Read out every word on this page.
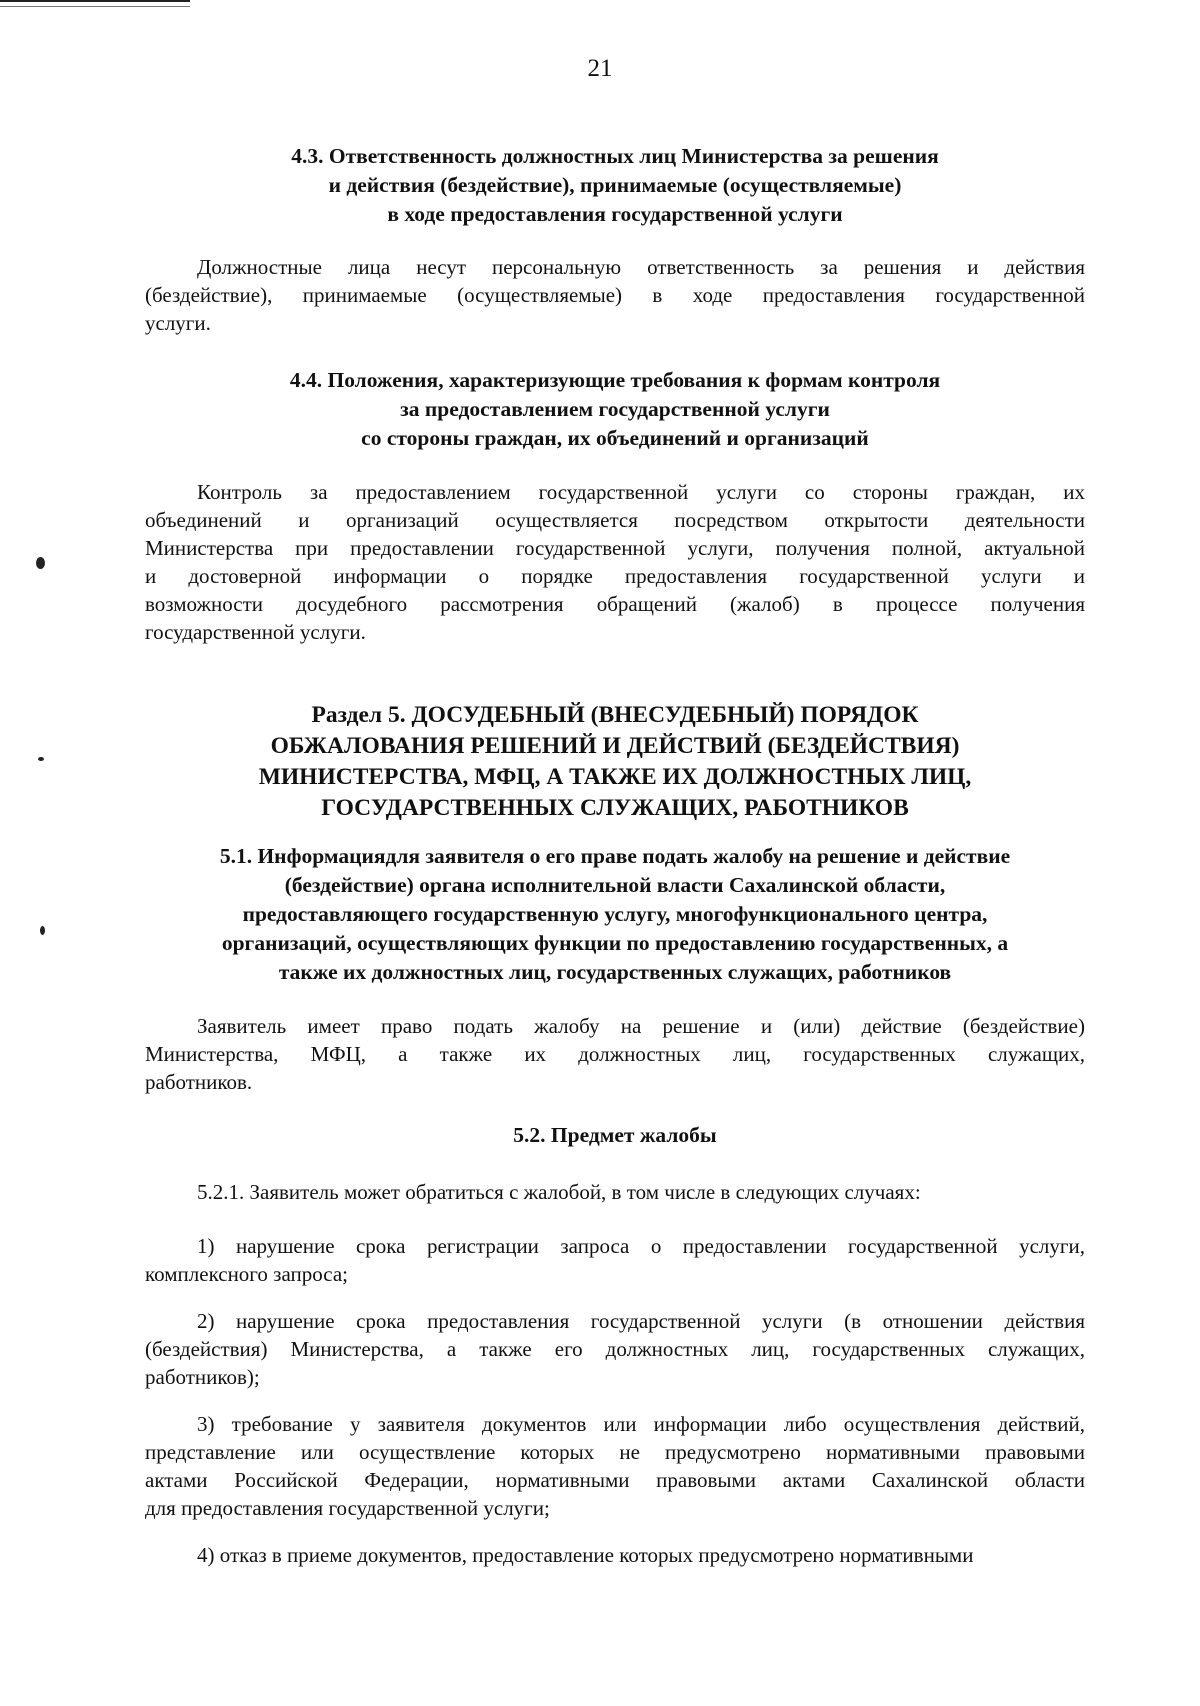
21
4.3. Ответственность должностных лиц Министерства за решения
и действия (бездействие), принимаемые (осуществляемые)
в ходе предоставления государственной услуги
Должностные лица несут персональную ответственность за решения и действия
(бездействие), принимаемые (осуществляемые) в ходе предоставления государственной
услуги.
4.4. Положения, характеризующие требования к формам контроля
за предоставлением государственной услуги
со стороны граждан, их объединений и организаций
Контроль за предоставлением государственной услуги со стороны граждан, их
объединений и организаций осуществляется посредством открытости деятельности
Министерства при предоставлении государственной услуги, получения полной, актуальной
и достоверной информации о порядке предоставления государственной услуги и
возможности досудебного рассмотрения обращений (жалоб) в процессе получения
государственной услуги.
Раздел 5. ДОСУДЕБНЫЙ (ВНЕСУДЕБНЫЙ) ПОРЯДОК
ОБЖАЛОВАНИЯ РЕШЕНИЙ И ДЕЙСТВИЙ (БЕЗДЕЙСТВИЯ)
МИНИСТЕРСТВА, МФЦ, А ТАКЖЕ ИХ ДОЛЖНОСТНЫХ ЛИЦ,
ГОСУДАРСТВЕННЫХ СЛУЖАЩИХ, РАБОТНИКОВ
5.1. Информациядля заявителя о его праве подать жалобу на решение и действие
(бездействие) органа исполнительной власти Сахалинской области,
предоставляющего государственную услугу, многофункционального центра,
организаций, осуществляющих функции по предоставлению государственных, а
также их должностных лиц, государственных служащих, работников
Заявитель имеет право подать жалобу на решение и (или) действие (бездействие)
Министерства, МФЦ, а также их должностных лиц, государственных служащих,
работников.
5.2. Предмет жалобы
5.2.1. Заявитель может обратиться с жалобой, в том числе в следующих случаях:
1) нарушение срока регистрации запроса о предоставлении государственной услуги,
комплексного запроса;
2) нарушение срока предоставления государственной услуги (в отношении действия
(бездействия) Министерства, а также его должностных лиц, государственных служащих,
работников);
3) требование у заявителя документов или информации либо осуществления действий,
представление или осуществление которых не предусмотрено нормативными правовыми
актами Российской Федерации, нормативными правовыми актами Сахалинской области
для предоставления государственной услуги;
4) отказ в приеме документов, предоставление которых предусмотрено нормативными
